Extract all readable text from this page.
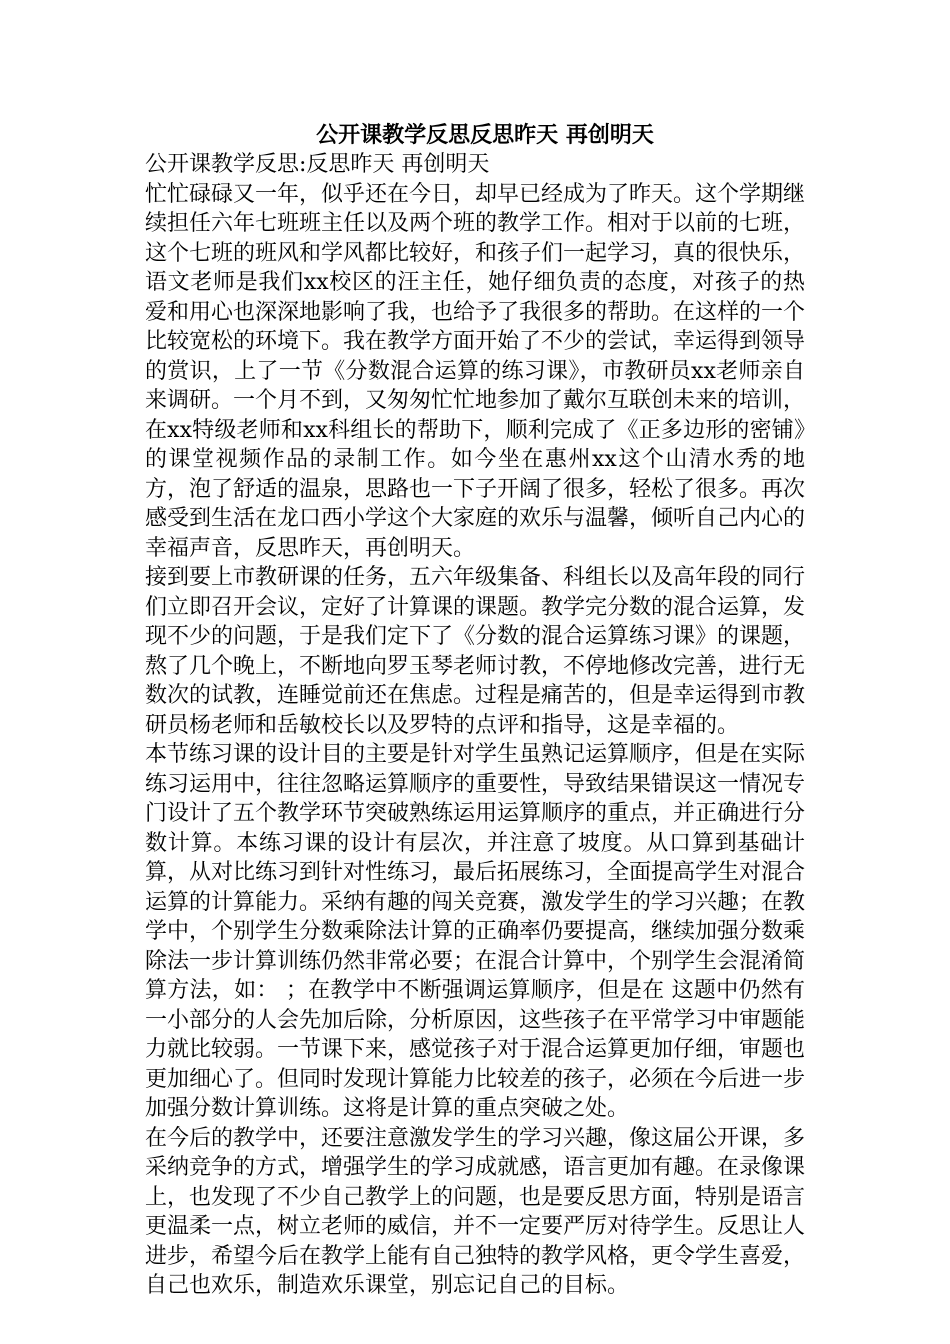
公开课教学反思反思昨天 再创明天

公开课教学反思:反思昨天 再创明天

忙忙碌碌又一年，似乎还在今日，却早已经成为了昨天。这个学期继续担任六年七班班主任以及两个班的教学工作。相对于以前的七班，这个七班的班风和学风都比较好，和孩子们一起学习，真的很快乐，语文老师是我们xx校区的汪主任，她仔细负责的态度，对孩子的热爱和用心也深深地影响了我，也给予了我很多的帮助。在这样的一个比较宽松的环境下。我在教学方面开始了不少的尝试，幸运得到领导的赏识，上了一节《分数混合运算的练习课》，市教研员xx老师亲自来调研。一个月不到，又匆匆忙忙地参加了戴尔互联创未来的培训，在xx特级老师和xx科组长的帮助下，顺利完成了《正多边形的密铺》的课堂视频作品的录制工作。如今坐在惠州xx这个山清水秀的地方，泡了舒适的温泉，思路也一下子开阔了很多，轻松了很多。再次感受到生活在龙口西小学这个大家庭的欢乐与温馨，倾听自己内心的幸福声音，反思昨天，再创明天。

接到要上市教研课的任务，五六年级集备、科组长以及高年段的同行们立即召开会议，定好了计算课的课题。教学完分数的混合运算，发现不少的问题，于是我们定下了《分数的混合运算练习课》的课题，熬了几个晚上，不断地向罗玉琴老师讨教，不停地修改完善，进行无数次的试教，连睡觉前还在焦虑。过程是痛苦的，但是幸运得到市教研员杨老师和岳敏校长以及罗特的点评和指导，这是幸福的。

本节练习课的设计目的主要是针对学生虽熟记运算顺序，但是在实际练习运用中，往往忽略运算顺序的重要性，导致结果错误这一情况专门设计了五个教学环节突破熟练运用运算顺序的重点，并正确进行分数计算。本练习课的设计有层次，并注意了坡度。从口算到基础计算，从对比练习到针对性练习，最后拓展练习，全面提高学生对混合运算的计算能力。采纳有趣的闯关竞赛，激发学生的学习兴趣；在教学中，个别学生分数乘除法计算的正确率仍要提高，继续加强分数乘除法一步计算训练仍然非常必要；在混合计算中，个别学生会混淆简算方法，如： ；在教学中不断强调运算顺序，但是在 这题中仍然有一小部分的人会先加后除，分析原因，这些孩子在平常学习中审题能力就比较弱。一节课下来，感觉孩子对于混合运算更加仔细，审题也更加细心了。但同时发现计算能力比较差的孩子，必须在今后进一步加强分数计算训练。这将是计算的重点突破之处。

在今后的教学中，还要注意激发学生的学习兴趣，像这届公开课，多采纳竞争的方式，增强学生的学习成就感，语言更加有趣。在录像课上，也发现了不少自己教学上的问题，也是要反思方面，特别是语言更温柔一点，树立老师的威信，并不一定要严厉对待学生。反思让人进步，希望今后在教学上能有自己独特的教学风格，更令学生喜爱，自己也欢乐，制造欢乐课堂，别忘记自己的目标。
